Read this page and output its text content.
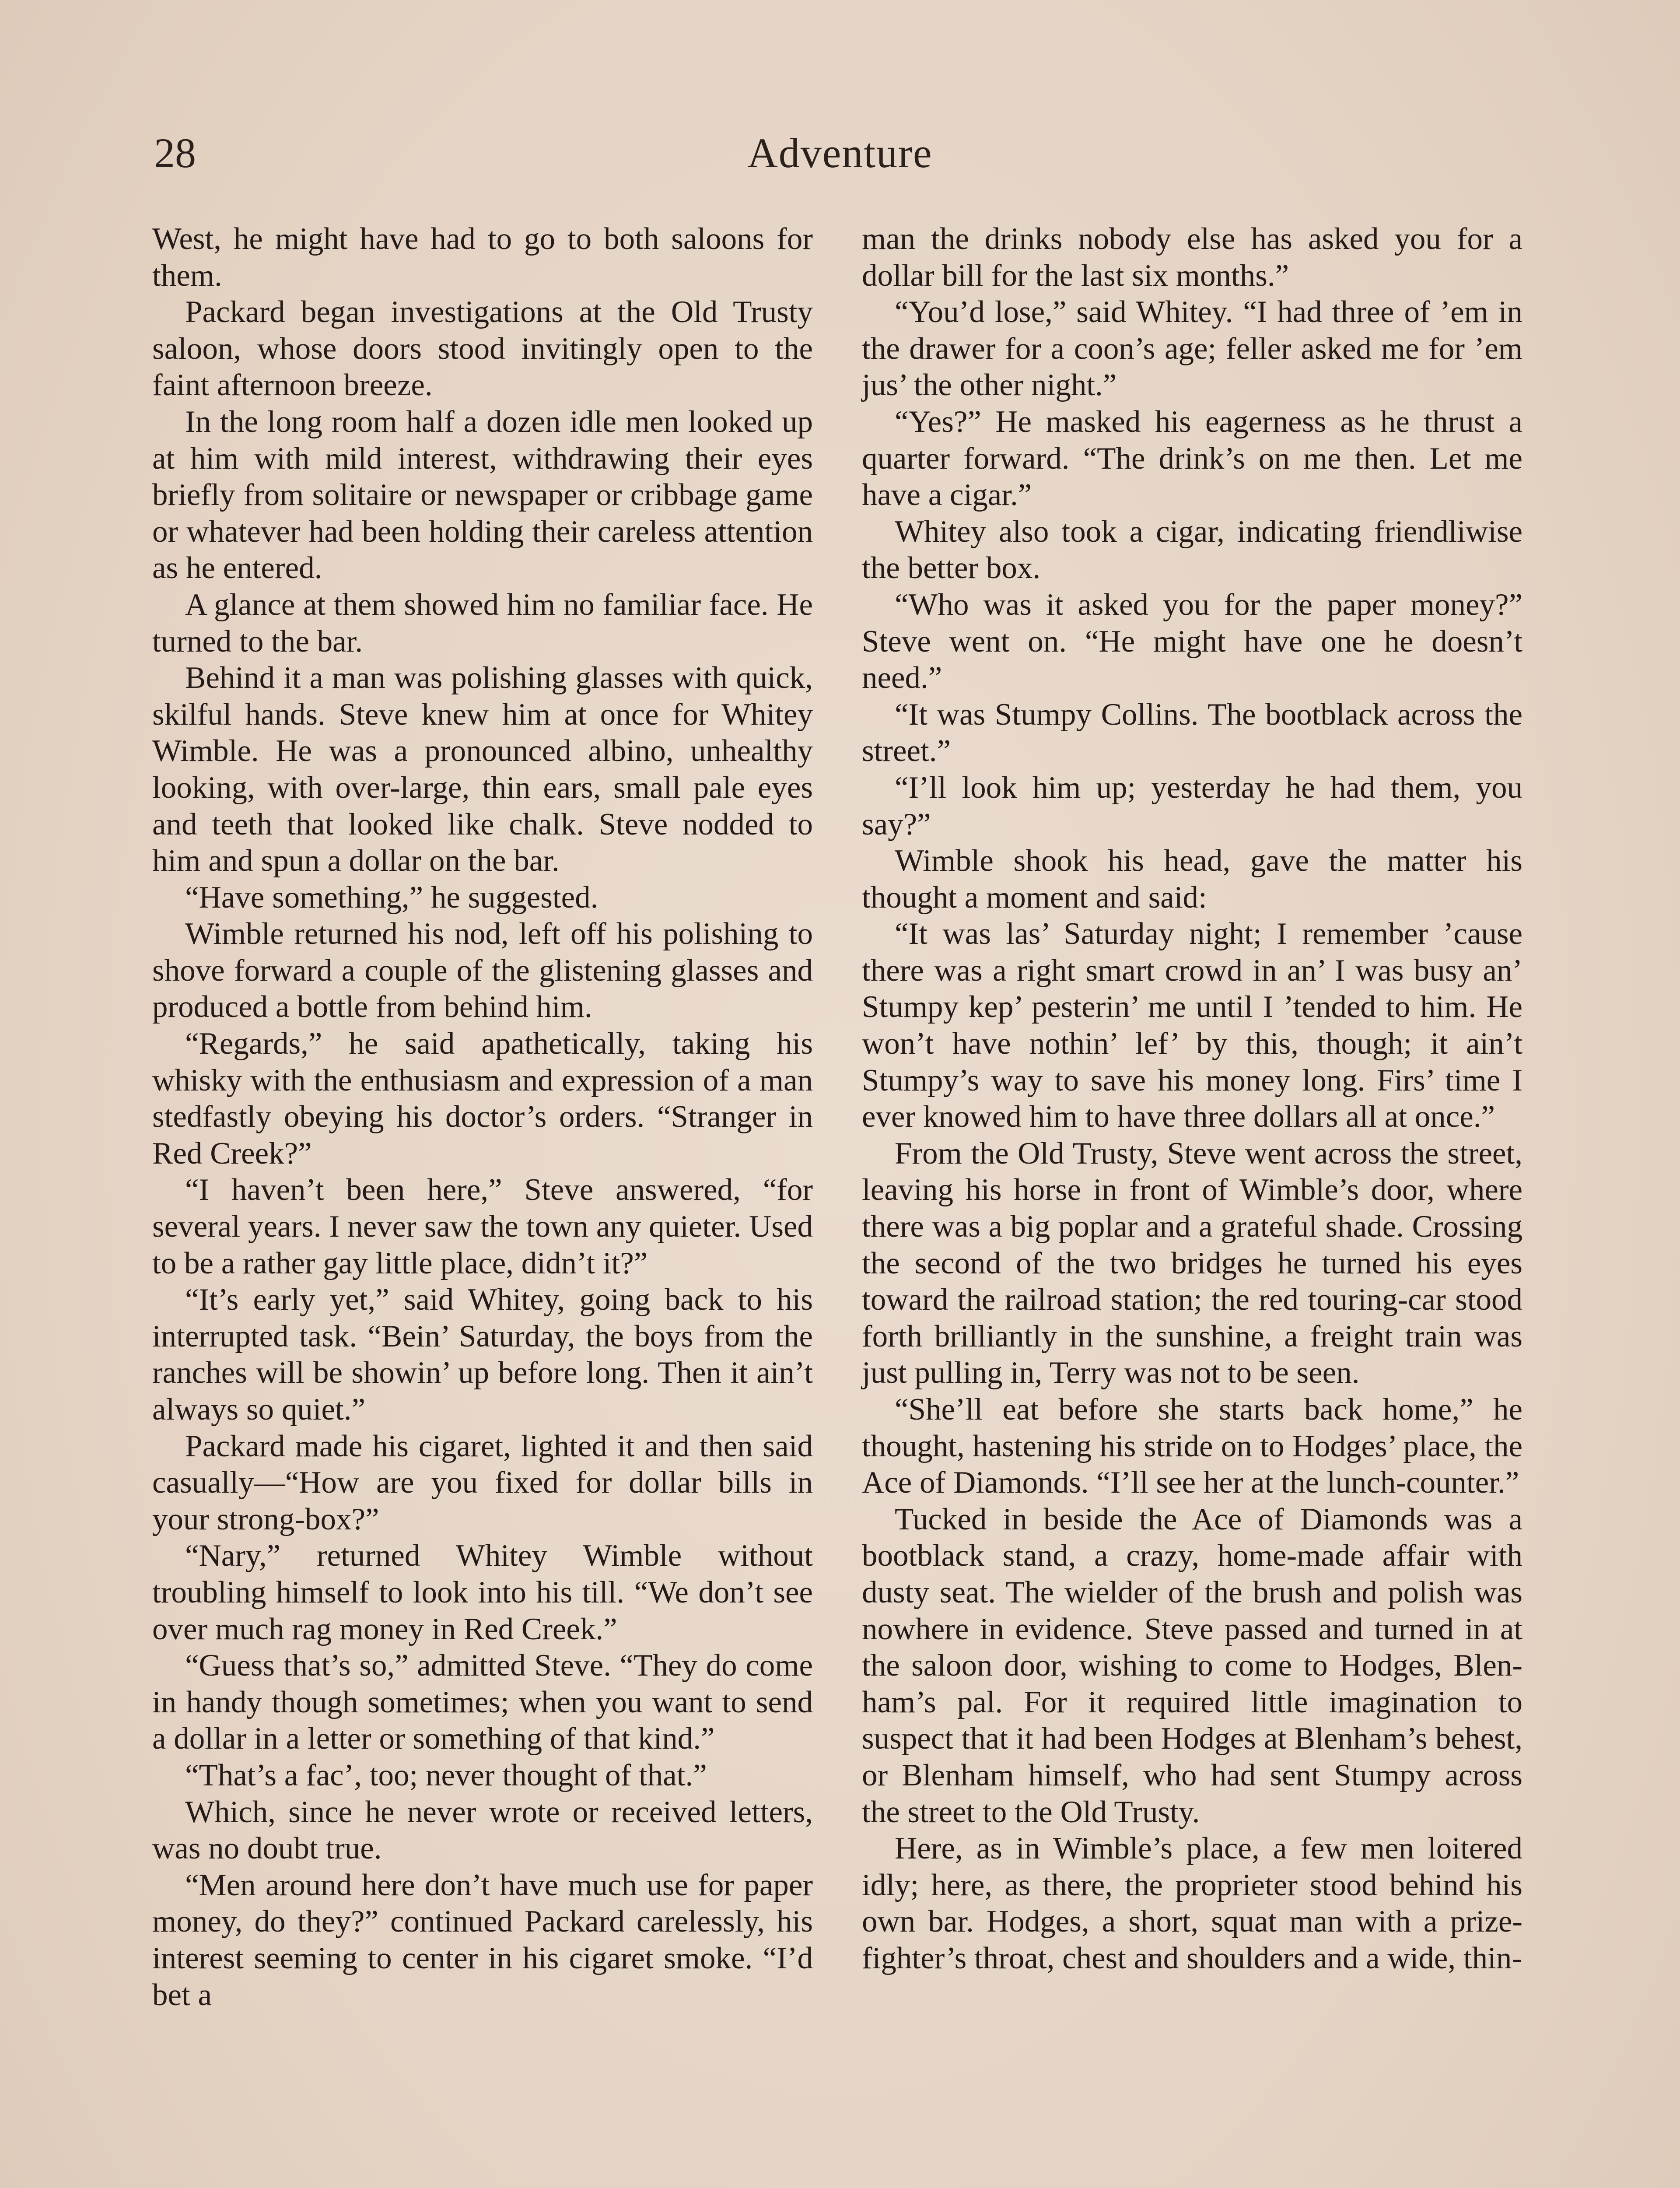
28	Adventure

West, he might have had to go to both saloons for them.

Packard began investigations at the Old Trusty saloon, whose doors stood invitingly open to the faint afternoon breeze.

In the long room half a dozen idle men looked up at him with mild interest, withdrawing their eyes briefly from solitaire or newspaper or cribbage game or whatever had been holding their careless attention as he entered.

A glance at them showed him no familiar face. He turned to the bar.

Behind it a man was polishing glasses with quick, skilful hands. Steve knew him at once for Whitey Wimble. He was a pronounced albino, unhealthy looking, with over-large, thin ears, small pale eyes and teeth that looked like chalk. Steve nodded to him and spun a dollar on the bar.

“Have something,” he suggested.

Wimble returned his nod, left off his polishing to shove forward a couple of the glistening glasses and produced a bottle from behind him.

“Regards,” he said apathetically, taking his whisky with the enthusiasm and expression of a man stedfastly obeying his doctor’s orders. “Stranger in Red Creek?”

“I haven’t been here,” Steve answered, “for several years. I never saw the town any quieter. Used to be a rather gay little place, didn’t it?”

“It’s early yet,” said Whitey, going back to his interrupted task. “Bein’ Saturday, the boys from the ranches will be showin’ up before long. Then it ain’t always so quiet.”

Packard made his cigaret, lighted it and then said casually—“How are you fixed for dollar bills in your strong-box?”

“Nary,” returned Whitey Wimble without troubling himself to look into his till. “We don’t see over much rag money in Red Creek.”

“Guess that’s so,” admitted Steve. “They do come in handy though sometimes; when you want to send a dollar in a letter or something of that kind.”

“That’s a fac’, too; never thought of that.”

Which, since he never wrote or received letters, was no doubt true.

“Men around here don’t have much use for paper money, do they?” continued Packard carelessly, his interest seeming to center in his cigaret smoke. “I’d bet a

man the drinks nobody else has asked you for a dollar bill for the last six months.”

“You’d lose,” said Whitey. “I had three of ’em in the drawer for a coon’s age; feller asked me for ’em jus’ the other night.”

“Yes?” He masked his eagerness as he thrust a quarter forward. “The drink’s on me then. Let me have a cigar.”

Whitey also took a cigar, indicating friendliwise the better box.

“Who was it asked you for the paper money?” Steve went on. “He might have one he doesn’t need.”

“It was Stumpy Collins. The bootblack across the street.”

“I’ll look him up; yesterday he had them, you say?”

Wimble shook his head, gave the matter his thought a moment and said:

“It was las’ Saturday night; I remember ’cause there was a right smart crowd in an’ I was busy an’ Stumpy kep’ pesterin’ me until I ’tended to him. He won’t have nothin’ lef’ by this, though; it ain’t Stumpy’s way to save his money long. Firs’ time I ever knowed him to have three dollars all at once.”

From the Old Trusty, Steve went across the street, leaving his horse in front of Wimble’s door, where there was a big poplar and a grateful shade. Crossing the second of the two bridges he turned his eyes toward the railroad station; the red touring-car stood forth brilliantly in the sunshine, a freight train was just pulling in, Terry was not to be seen.

“She’ll eat before she starts back home,” he thought, hastening his stride on to Hodges’ place, the Ace of Diamonds. “I’ll see her at the lunch-counter.”

Tucked in beside the Ace of Diamonds was a bootblack stand, a crazy, home-made affair with dusty seat. The wielder of the brush and polish was nowhere in evidence. Steve passed and turned in at the saloon door, wishing to come to Hodges, Blenham’s pal. For it required little imagination to suspect that it had been Hodges at Blenham’s behest, or Blenham himself, who had sent Stumpy across the street to the Old Trusty.

Here, as in Wimble’s place, a few men loitered idly; here, as there, the proprieter stood behind his own bar. Hodges, a short, squat man with a prize-fighter’s throat, chest and shoulders and a wide, thin-
